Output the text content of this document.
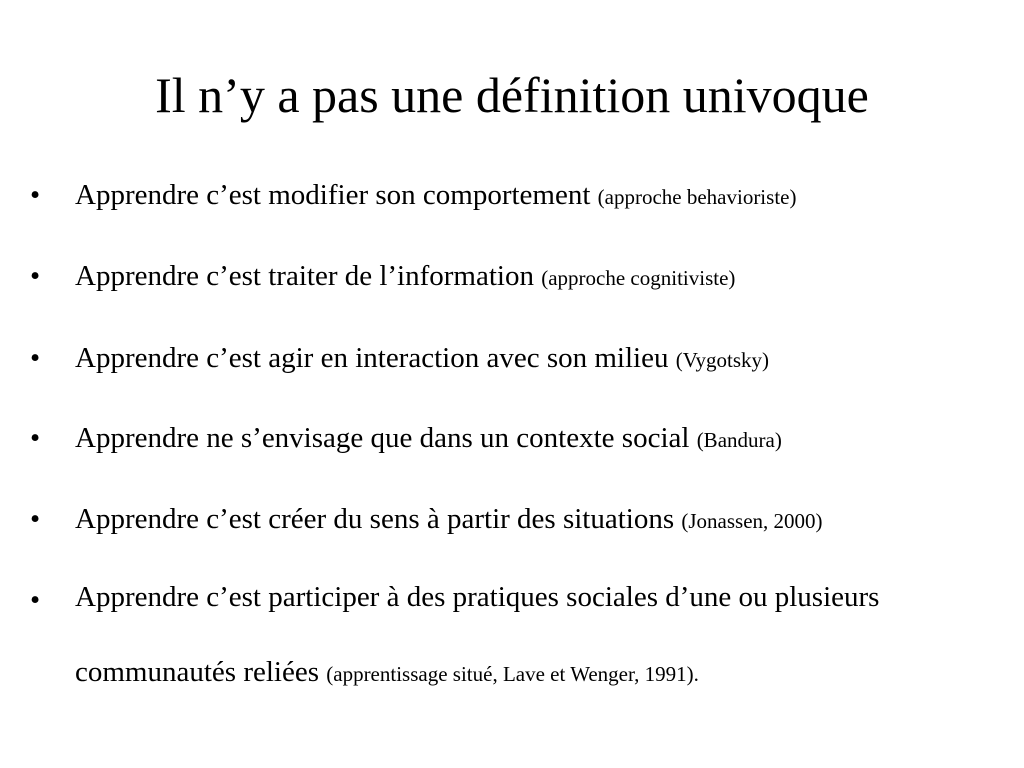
Il n’y a pas une définition univoque
• Apprendre c’est modifier son comportement (approche behavioriste)
• Apprendre c’est traiter de l’information (approche cognitiviste)
• Apprendre c’est agir en interaction avec son milieu (Vygotsky)
• Apprendre ne s’envisage que dans un contexte social (Bandura)
• Apprendre c’est créer du sens à partir des situations (Jonassen, 2000)
• Apprendre c’est participer à des pratiques sociales d’une ou plusieurs communautés reliées (apprentissage situé, Lave et Wenger, 1991).
